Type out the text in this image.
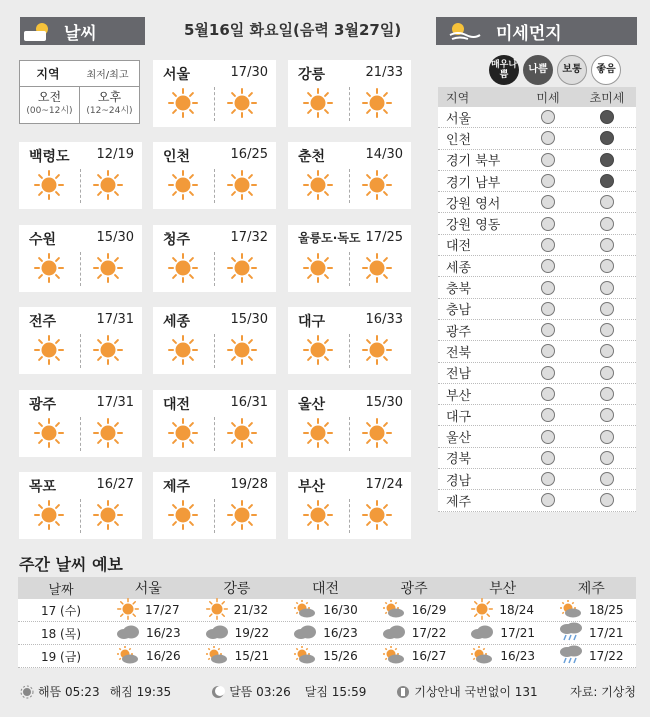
날씨	5월16일 화요일(음력 3월27일)	미세먼지
지역	최저/최고
오전
(00~12시)
오후
(12~24시)
서울	17/30 강릉	21/33
백령도 12/19 인천	16/25 춘천	14/30
수원	15/30 청주	17/32	울릉도·독도 17/25
전주	17/31 세종	15/30 대구	16/33
광주	17/31 대전	16/31 울산	15/30
목포	16/27 제주	19/28 부산	17/24
매우나쁨	나쁨	보통	좋음
지역	미세	초미세
서울
인천
경기 북부
경기 남부
강원 영서
강원 영동
대전
세종
충북
충남
광주
전북
전남
부산
대구
울산
경북
경남
제주
주간 날씨 예보
날짜	서울	강릉	대전	광주	부산	제주
17 (수)	17/27	21/32	16/30	16/29	18/24	18/25
18 (목)	16/23	19/22	16/23	17/22	17/21	17/21
19 (금)	16/26	15/21	15/26	16/27	16/23	17/22
해뜸 05:23 해짐 19:35	달뜸 03:26 달짐 15:59	기상안내 국번없이 131	자료: 기상청
